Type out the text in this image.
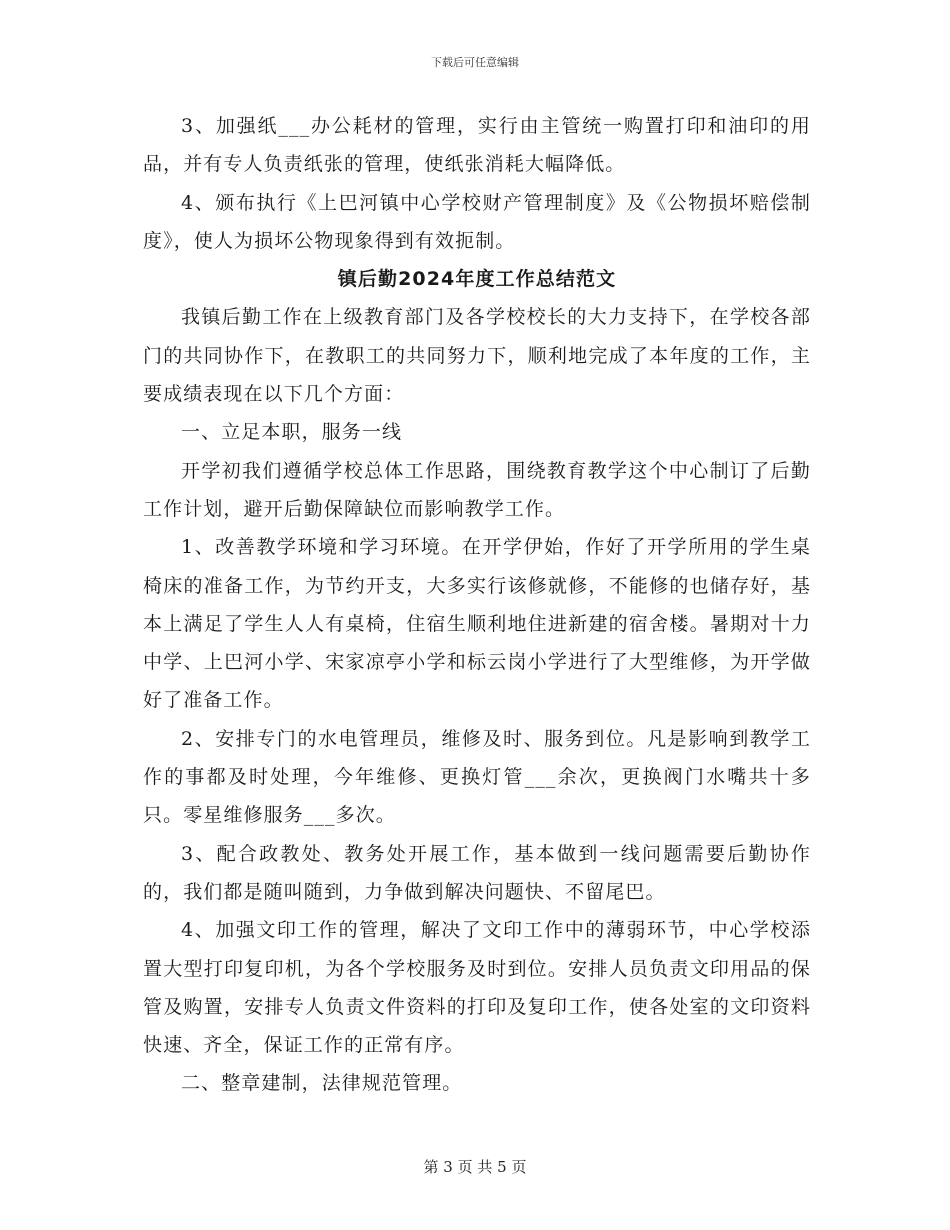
下载后可任意编辑

3、加强纸___办公耗材的管理，实行由主管统一购置打印和油印的用品，并有专人负责纸张的管理，使纸张消耗大幅降低。

4、颁布执行《上巴河镇中心学校财产管理制度》及《公物损坏赔偿制度》，使人为损坏公物现象得到有效扼制。

镇后勤2024年度工作总结范文

我镇后勤工作在上级教育部门及各学校校长的大力支持下，在学校各部门的共同协作下，在教职工的共同努力下，顺利地完成了本年度的工作，主要成绩表现在以下几个方面：

一、立足本职，服务一线

开学初我们遵循学校总体工作思路，围绕教育教学这个中心制订了后勤工作计划，避开后勤保障缺位而影响教学工作。

1、改善教学环境和学习环境。在开学伊始，作好了开学所用的学生桌椅床的准备工作，为节约开支，大多实行该修就修，不能修的也储存好，基本上满足了学生人人有桌椅，住宿生顺利地住进新建的宿舍楼。暑期对十力中学、上巴河小学、宋家凉亭小学和标云岗小学进行了大型维修，为开学做好了准备工作。

2、安排专门的水电管理员，维修及时、服务到位。凡是影响到教学工作的事都及时处理，今年维修、更换灯管___余次，更换阀门水嘴共十多只。零星维修服务___多次。

3、配合政教处、教务处开展工作，基本做到一线问题需要后勤协作的，我们都是随叫随到，力争做到解决问题快、不留尾巴。

4、加强文印工作的管理，解决了文印工作中的薄弱环节，中心学校添置大型打印复印机，为各个学校服务及时到位。安排人员负责文印用品的保管及购置，安排专人负责文件资料的打印及复印工作，使各处室的文印资料快速、齐全，保证工作的正常有序。

二、整章建制，法律规范管理。

第 3 页 共 5 页
